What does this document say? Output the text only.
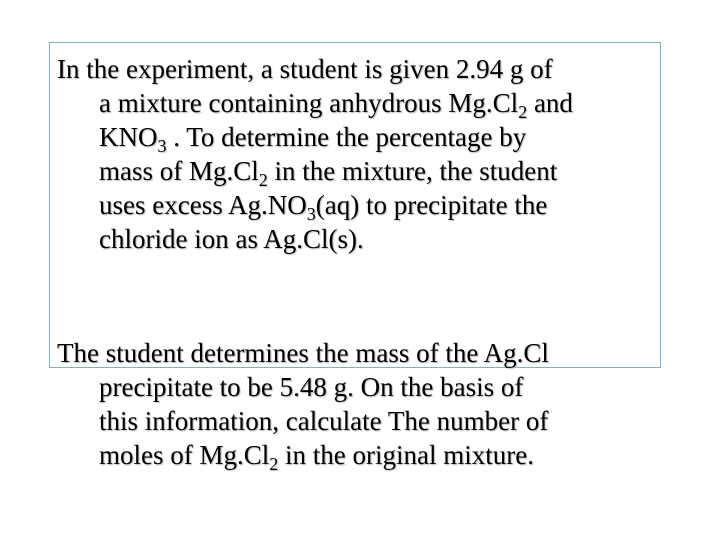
In the experiment, a student is given 2.94 g of
a mixture containing anhydrous $Mg.Cl_2$ and
$KNO_3$ . To determine the percentage by
mass of $Mg.Cl_2$ in the mixture, the student
uses excess $Ag.NO_3(aq)$ to precipitate the
chloride ion as Ag.Cl(s).

The student determines the mass of the Ag.Cl
precipitate to be 5.48 g. On the basis of
this information, calculate The number of
moles of $Mg.Cl_2$ in the original mixture.
